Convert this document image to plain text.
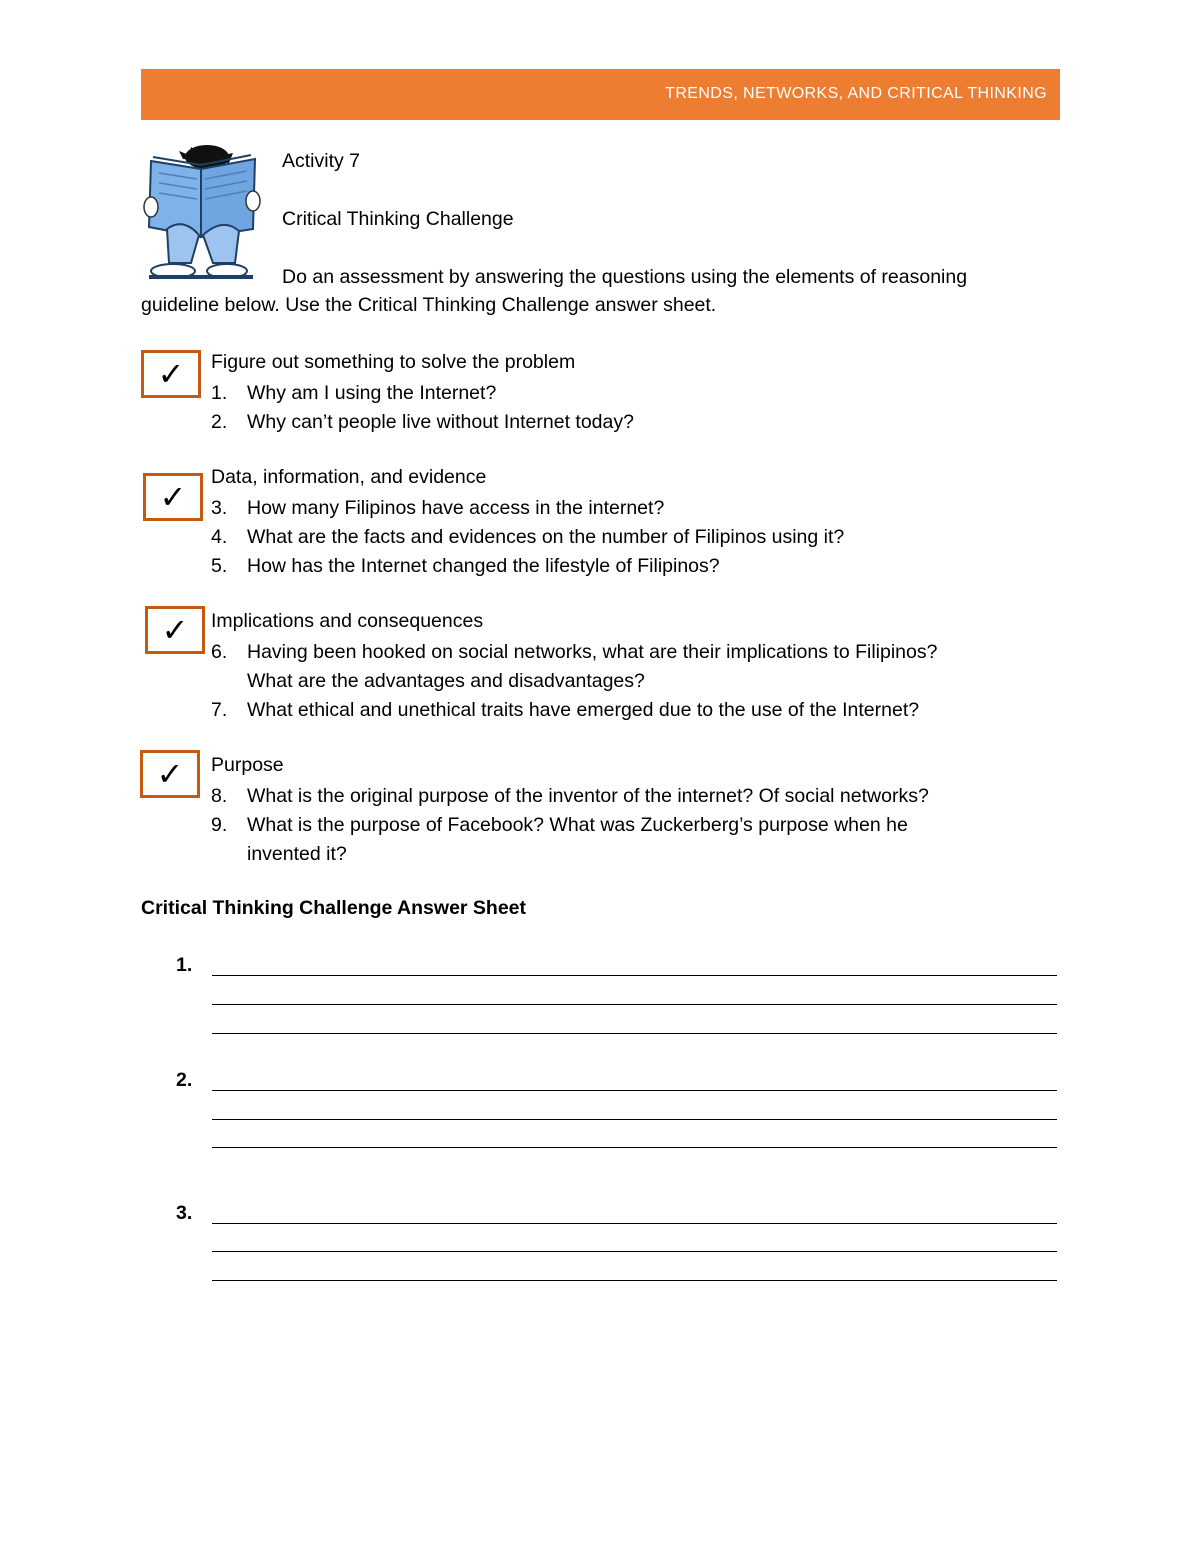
TRENDS, NETWORKS, AND CRITICAL THINKING
Activity 7
Critical Thinking Challenge
Do an assessment by answering the questions using the elements of reasoning
guideline below. Use the Critical Thinking Challenge answer sheet.
✓	Figure out something to solve the problem
1. Why am I using the Internet?
2. Why can’t people live without Internet today?
✓
Data, information, and evidence
3. How many Filipinos have access in the internet?
4. What are the facts and evidences on the number of Filipinos using it?
5. How has the Internet changed the lifestyle of Filipinos?
✓	Implications and consequences
6. Having been hooked on social networks, what are their implications to Filipinos?
What are the advantages and disadvantages?
7. What ethical and unethical traits have emerged due to the use of the Internet?
✓	Purpose
8. What is the original purpose of the inventor of the internet? Of social networks?
9. What is the purpose of Facebook? What was Zuckerberg’s purpose when he
invented it?
Critical Thinking Challenge Answer Sheet
1.
2.
3.
